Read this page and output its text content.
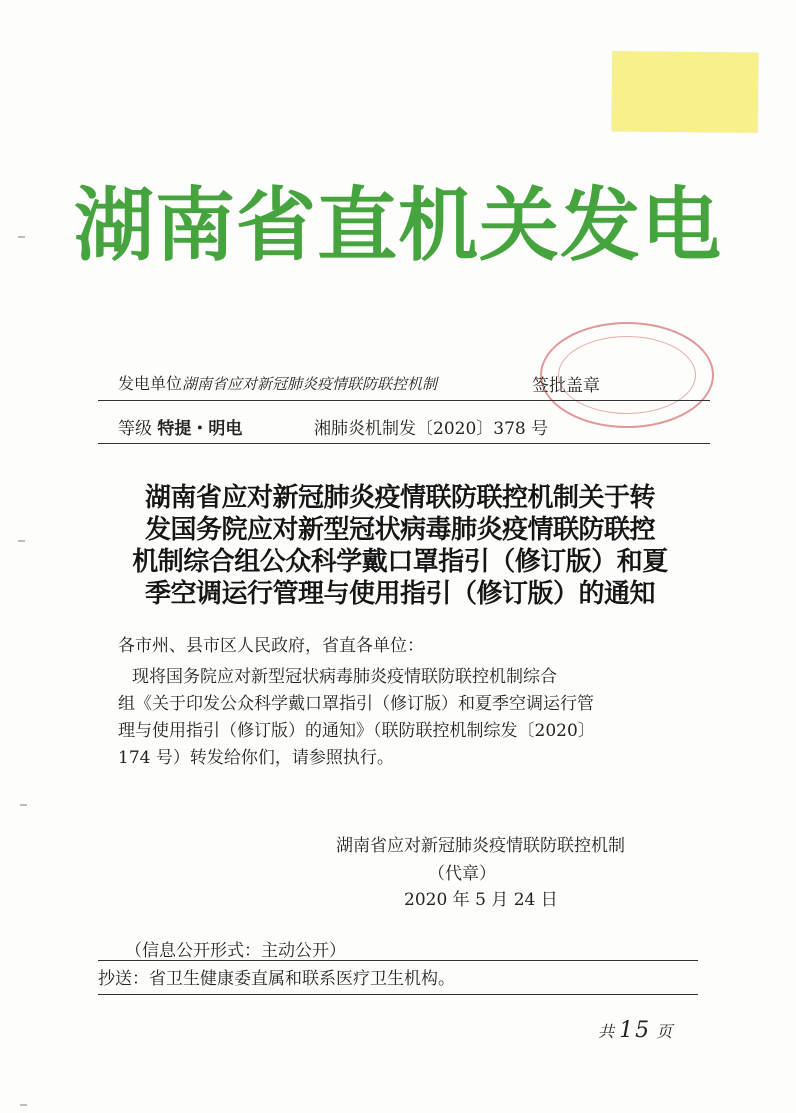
湖南省直机关发电
发电单位湖南省应对新冠肺炎疫情联防联控机制	签批盖章
等级 特提・明电	湘肺炎机制发〔2020〕378 号
湖南省应对新冠肺炎疫情联防联控机制关于转
发国务院应对新型冠状病毒肺炎疫情联防联控
机制综合组公众科学戴口罩指引（修订版）和夏
季空调运行管理与使用指引（修订版）的通知
各市州、县市区人民政府，省直各单位：
现将国务院应对新型冠状病毒肺炎疫情联防联控机制综合
组《关于印发公众科学戴口罩指引（修订版）和夏季空调运行管
理与使用指引（修订版）的通知》（联防联控机制综发〔2020〕
174 号）转发给你们，请参照执行。
湖南省应对新冠肺炎疫情联防联控机制
（代章）
2020 年 5 月 24 日
（信息公开形式：主动公开）
抄送：省卫生健康委直属和联系医疗卫生机构。
共 15 页
